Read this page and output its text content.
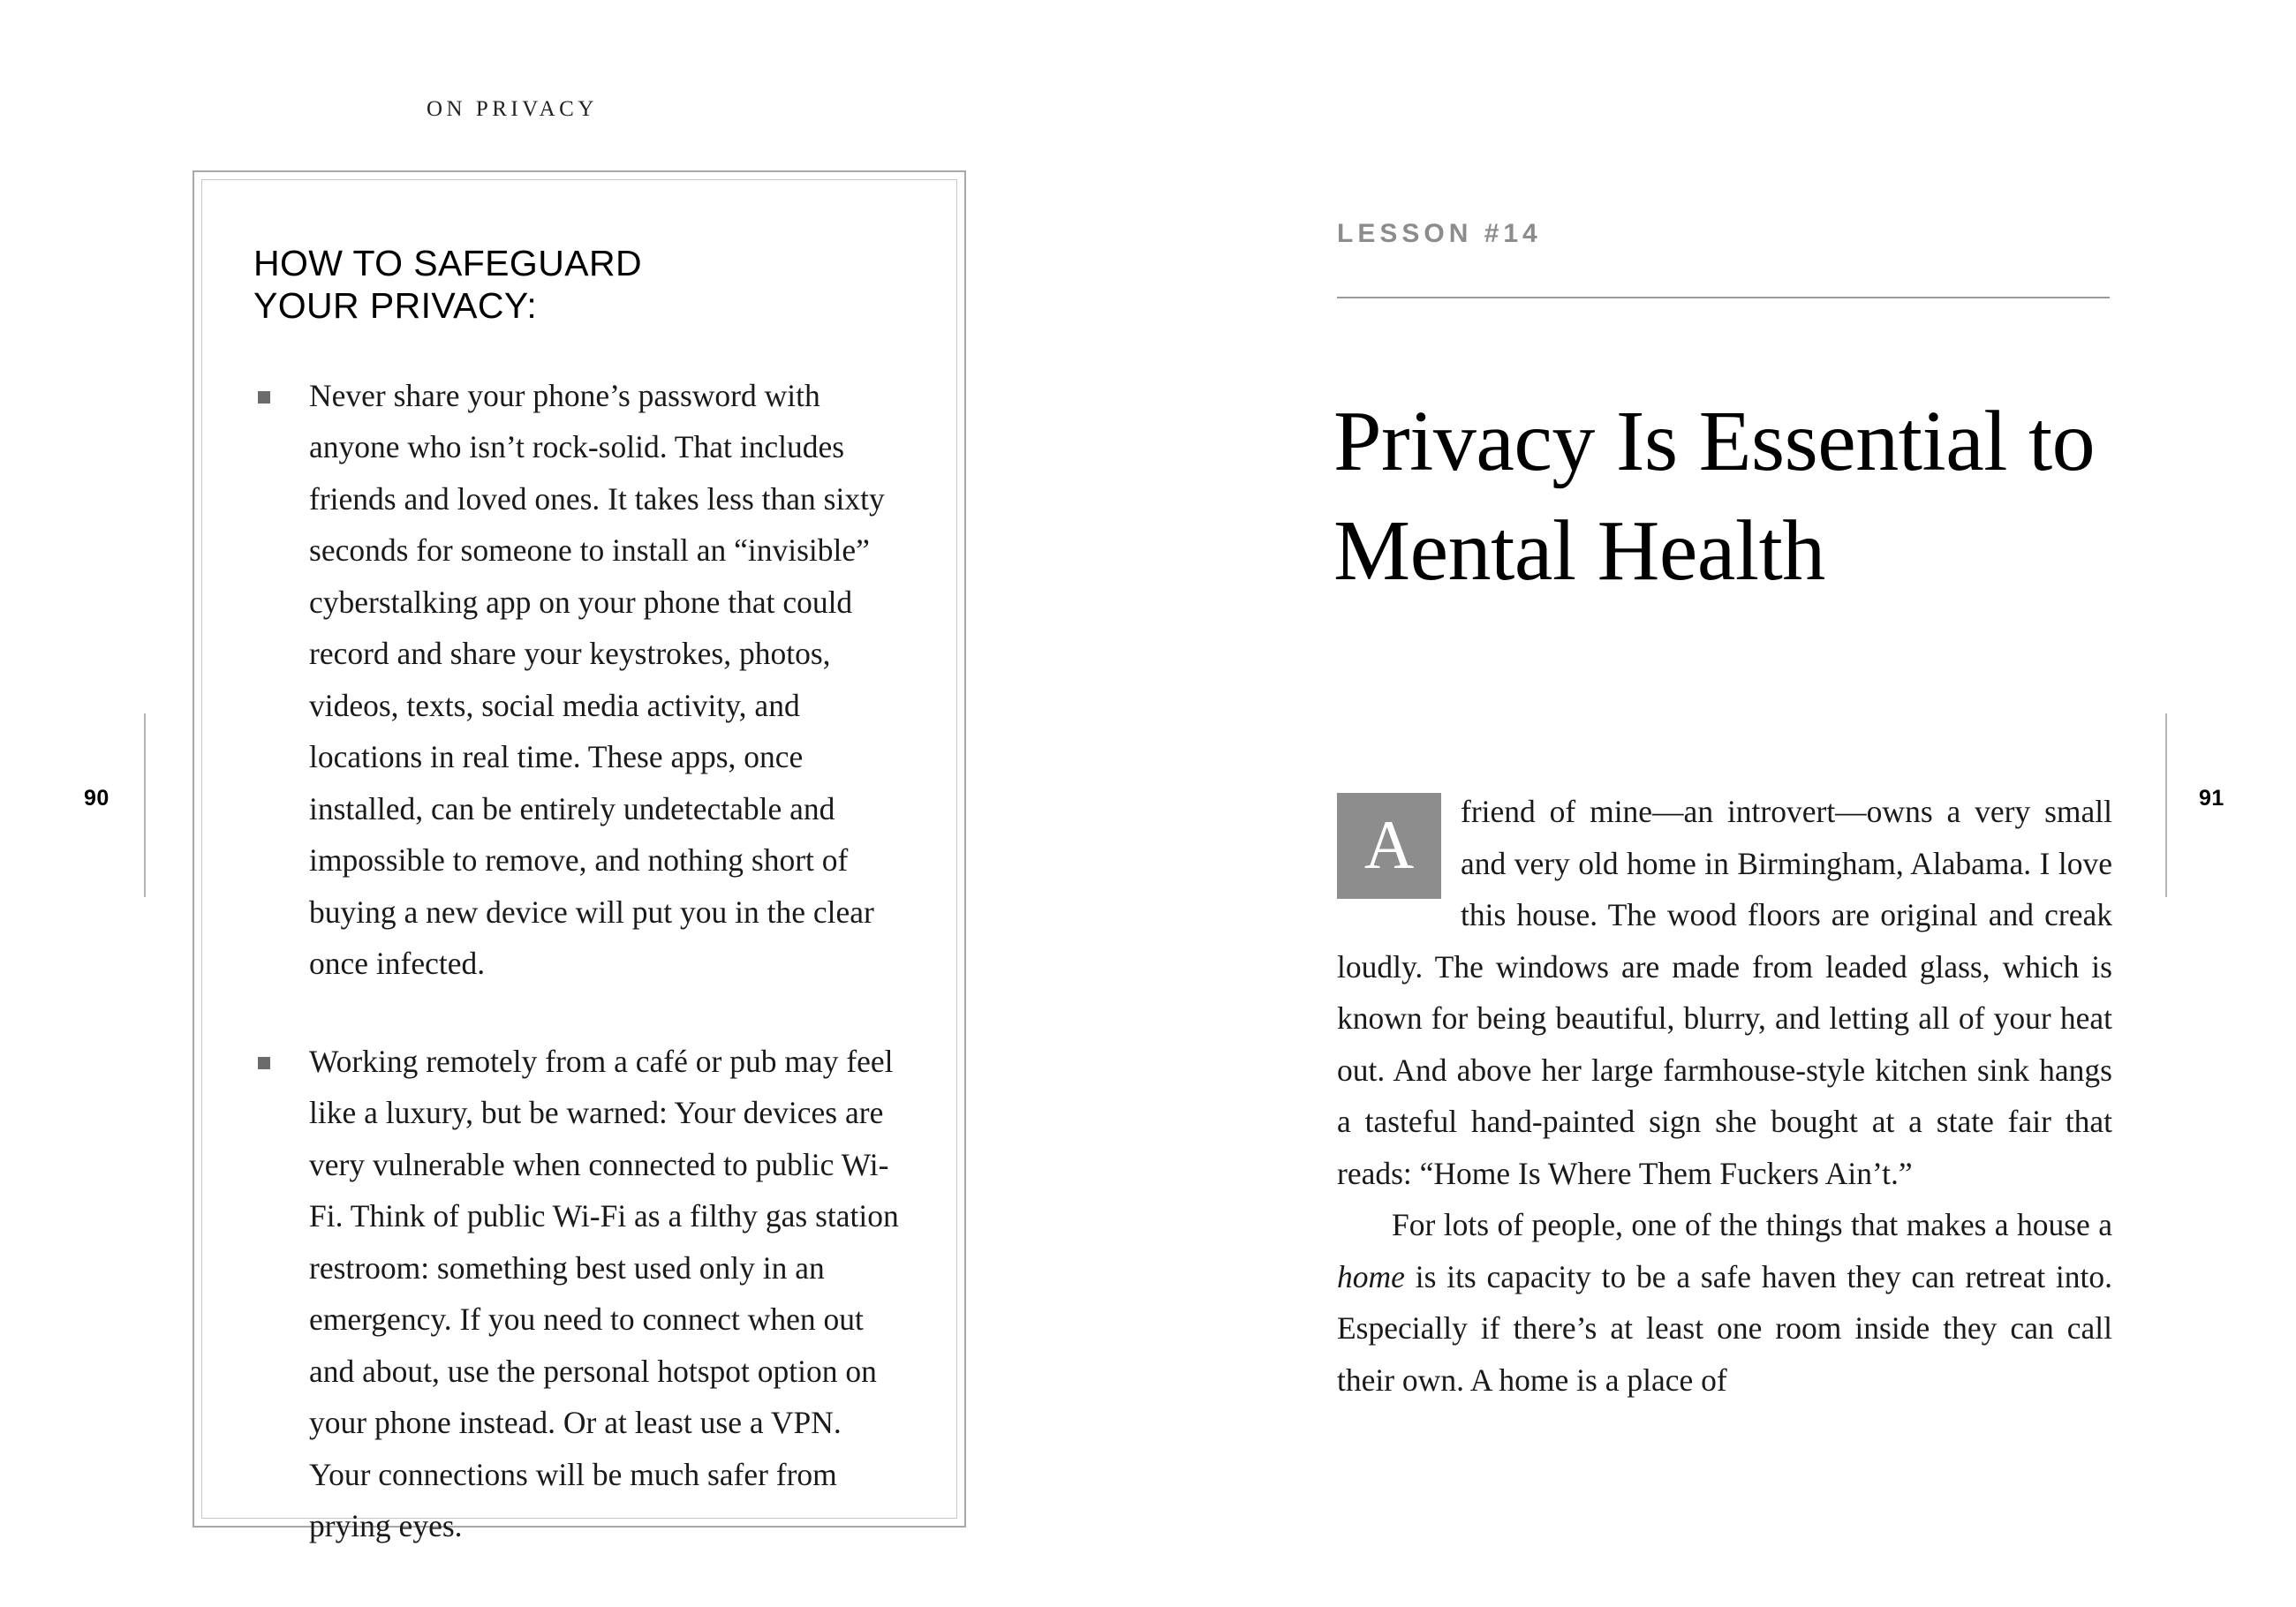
ON PRIVACY
90
HOW TO SAFEGUARD
YOUR PRIVACY:
Never share your phone’s password with anyone who isn’t rock-solid. That includes friends and loved ones. It takes less than sixty seconds for someone to install an “invisible” cyberstalking app on your phone that could record and share your keystrokes, photos, videos, texts, social media activity, and locations in real time. These apps, once installed, can be entirely undetectable and impossible to remove, and nothing short of buying a new device will put you in the clear once infected.
Working remotely from a café or pub may feel like a luxury, but be warned: Your devices are very vulnerable when connected to public Wi-Fi. Think of public Wi-Fi as a filthy gas station restroom: something best used only in an emergency. If you need to connect when out and about, use the personal hotspot option on your phone instead. Or at least use a VPN. Your connections will be much safer from prying eyes.
LESSON #14
Privacy Is Essential to Mental Health

A	friend of mine—an introvert—owns a very small and very old home in Birmingham, Alabama. I love this house. The wood floors are original and creak loudly. The windows are made from leaded glass, which is known for being beautiful, blurry, and letting all of your heat out. And above her large farmhouse-style kitchen sink hangs a tasteful hand-painted sign she bought at a state fair that reads: “Home Is Where Them Fuckers Ain’t.”

For lots of people, one of the things that makes a house a home is its capacity to be a safe haven they can retreat into. Especially if there’s at least one room inside they can call their own. A home is a place of

91
